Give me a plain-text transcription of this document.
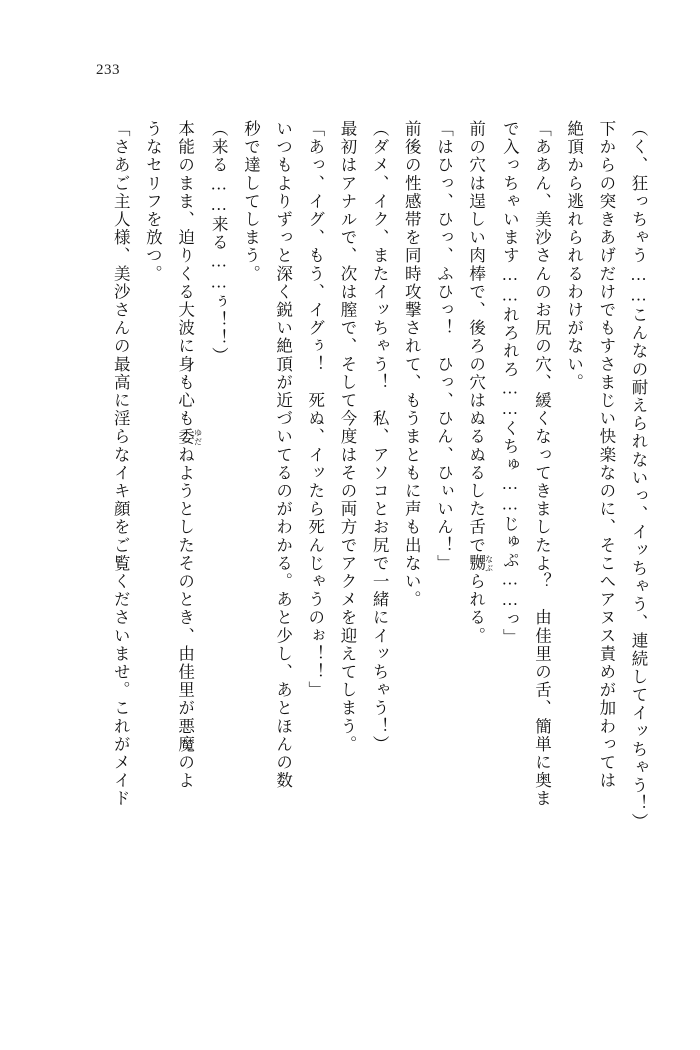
233

（く、狂っちゃう……こんなの耐えられないっ、イッちゃう、連続してイッちゃう！）

下からの突きあげだけでもすさまじい快楽なのに、そこへアヌス責めが加わっては

絶頂から逃れられるわけがない。

「ああん、美沙さんのお尻の穴、緩くなってきましたよ？　由佳里の舌、簡単に奥ま

で入っちゃいます……れろれろ……くちゅ……じゅぷ……っ」

前の穴は逞しい肉棒で、後ろの穴はぬるぬるした舌で嬲 なぶられる。

「はひっ、ひっ、ふひっ！　ひっ、ひん、ひぃいん！」

前後の性感帯を同時攻撃されて、もうまともに声も出ない。

（ダメ、イク、またイッちゃう！　私、アソコとお尻で一緒にイッちゃう！）

最初はアナルで、次は膣で、そして今度はその両方でアクメを迎えてしまう。

「あっ、イグ、もう、イグぅ！　死ぬ、イッたら死んじゃうのぉ！！」

いつもよりずっと深く鋭い絶頂が近づいてるのがわかる。あと少し、あとほんの数

秒で達してしまう。

（来る……来る……ぅ！！）

本能のまま、迫りくる大波に身も心も委 ゆだねようとしたそのとき、由佳里が悪魔のよ

うなセリフを放つ。

「さあご主人様、美沙さんの最高に淫らなイキ顔をご覧くださいませ。これがメイド
